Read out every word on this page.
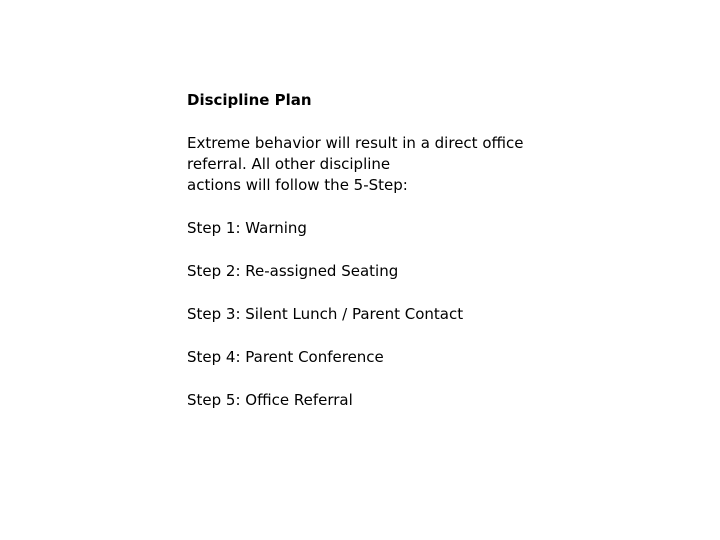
Discipline Plan

Extreme behavior will result in a direct office
referral. All other discipline
actions will follow the 5-Step:

Step 1: Warning
Step 2: Re-assigned Seating
Step 3: Silent Lunch / Parent Contact
Step 4: Parent Conference
Step 5: Office Referral
